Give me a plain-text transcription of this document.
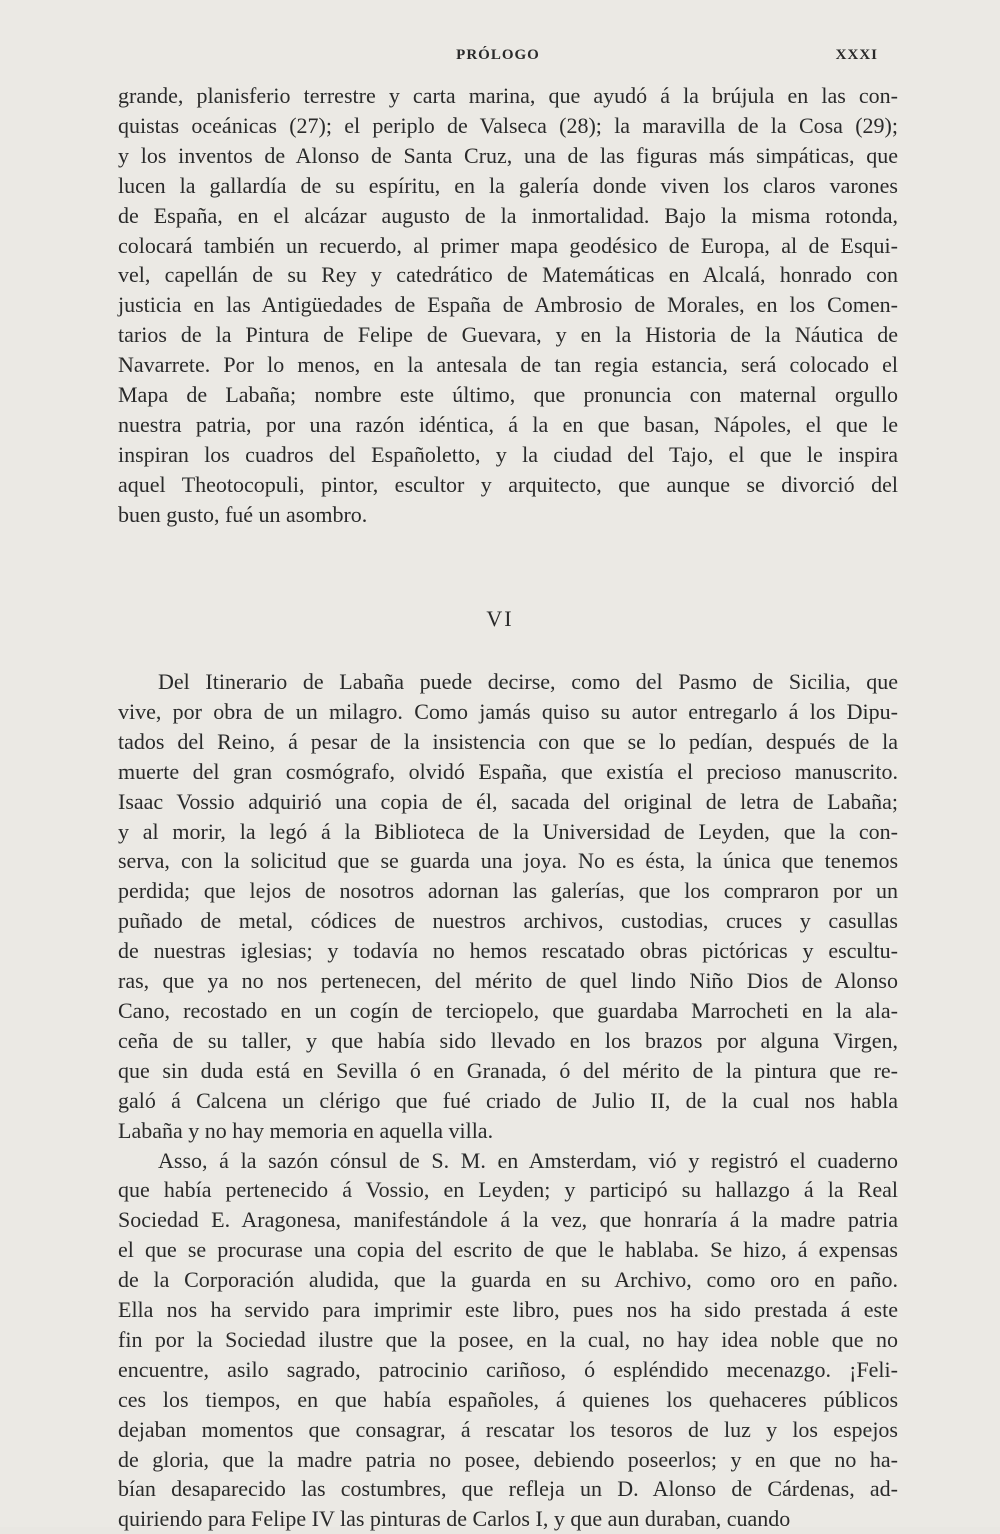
PRÓLOGO	XXXI
grande, planisferio terrestre y carta marina, que ayudó á la brújula en las con-
quistas oceánicas (27); el periplo de Valseca (28); la maravilla de la Cosa (29);
y los inventos de Alonso de Santa Cruz, una de las figuras más simpáticas, que
lucen la gallardía de su espíritu, en la galería donde viven los claros varones
de España, en el alcázar augusto de la inmortalidad. Bajo la misma rotonda,
colocará también un recuerdo, al primer mapa geodésico de Europa, al de Esqui-
vel, capellán de su Rey y catedrático de Matemáticas en Alcalá, honrado con
justicia en las Antigüedades de España de Ambrosio de Morales, en los Comen-
tarios de la Pintura de Felipe de Guevara, y en la Historia de la Náutica de
Navarrete. Por lo menos, en la antesala de tan regia estancia, será colocado el
Mapa de Labaña; nombre este último, que pronuncia con maternal orgullo
nuestra patria, por una razón idéntica, á la en que basan, Nápoles, el que le
inspiran los cuadros del Españoletto, y la ciudad del Tajo, el que le inspira
aquel Theotocopuli, pintor, escultor y arquitecto, que aunque se divorció del
buen gusto, fué un asombro.
VI
Del Itinerario de Labaña puede decirse, como del Pasmo de Sicilia, que
vive, por obra de un milagro. Como jamás quiso su autor entregarlo á los Dipu-
tados del Reino, á pesar de la insistencia con que se lo pedían, después de la
muerte del gran cosmógrafo, olvidó España, que existía el precioso manuscrito.
Isaac Vossio adquirió una copia de él, sacada del original de letra de Labaña;
y al morir, la legó á la Biblioteca de la Universidad de Leyden, que la con-
serva, con la solicitud que se guarda una joya. No es ésta, la única que tenemos
perdida; que lejos de nosotros adornan las galerías, que los compraron por un
puñado de metal, códices de nuestros archivos, custodias, cruces y casullas
de nuestras iglesias; y todavía no hemos rescatado obras pictóricas y escultu-
ras, que ya no nos pertenecen, del mérito de quel lindo Niño Dios de Alonso
Cano, recostado en un cogín de terciopelo, que guardaba Marrocheti en la ala-
ceña de su taller, y que había sido llevado en los brazos por alguna Virgen,
que sin duda está en Sevilla ó en Granada, ó del mérito de la pintura que re-
galó á Calcena un clérigo que fué criado de Julio II, de la cual nos habla
Labaña y no hay memoria en aquella villa.
Asso, á la sazón cónsul de S. M. en Amsterdam, vió y registró el cuaderno
que había pertenecido á Vossio, en Leyden; y participó su hallazgo á la Real
Sociedad E. Aragonesa, manifestándole á la vez, que honraría á la madre patria
el que se procurase una copia del escrito de que le hablaba. Se hizo, á expensas
de la Corporación aludida, que la guarda en su Archivo, como oro en paño.
Ella nos ha servido para imprimir este libro, pues nos ha sido prestada á este
fin por la Sociedad ilustre que la posee, en la cual, no hay idea noble que no
encuentre, asilo sagrado, patrocinio cariñoso, ó espléndido mecenazgo. ¡Feli-
ces los tiempos, en que había españoles, á quienes los quehaceres públicos
dejaban momentos que consagrar, á rescatar los tesoros de luz y los espejos
de gloria, que la madre patria no posee, debiendo poseerlos; y en que no ha-
bían desaparecido las costumbres, que refleja un D. Alonso de Cárdenas, ad-
quiriendo para Felipe IV las pinturas de Carlos I, y que aun duraban, cuando
